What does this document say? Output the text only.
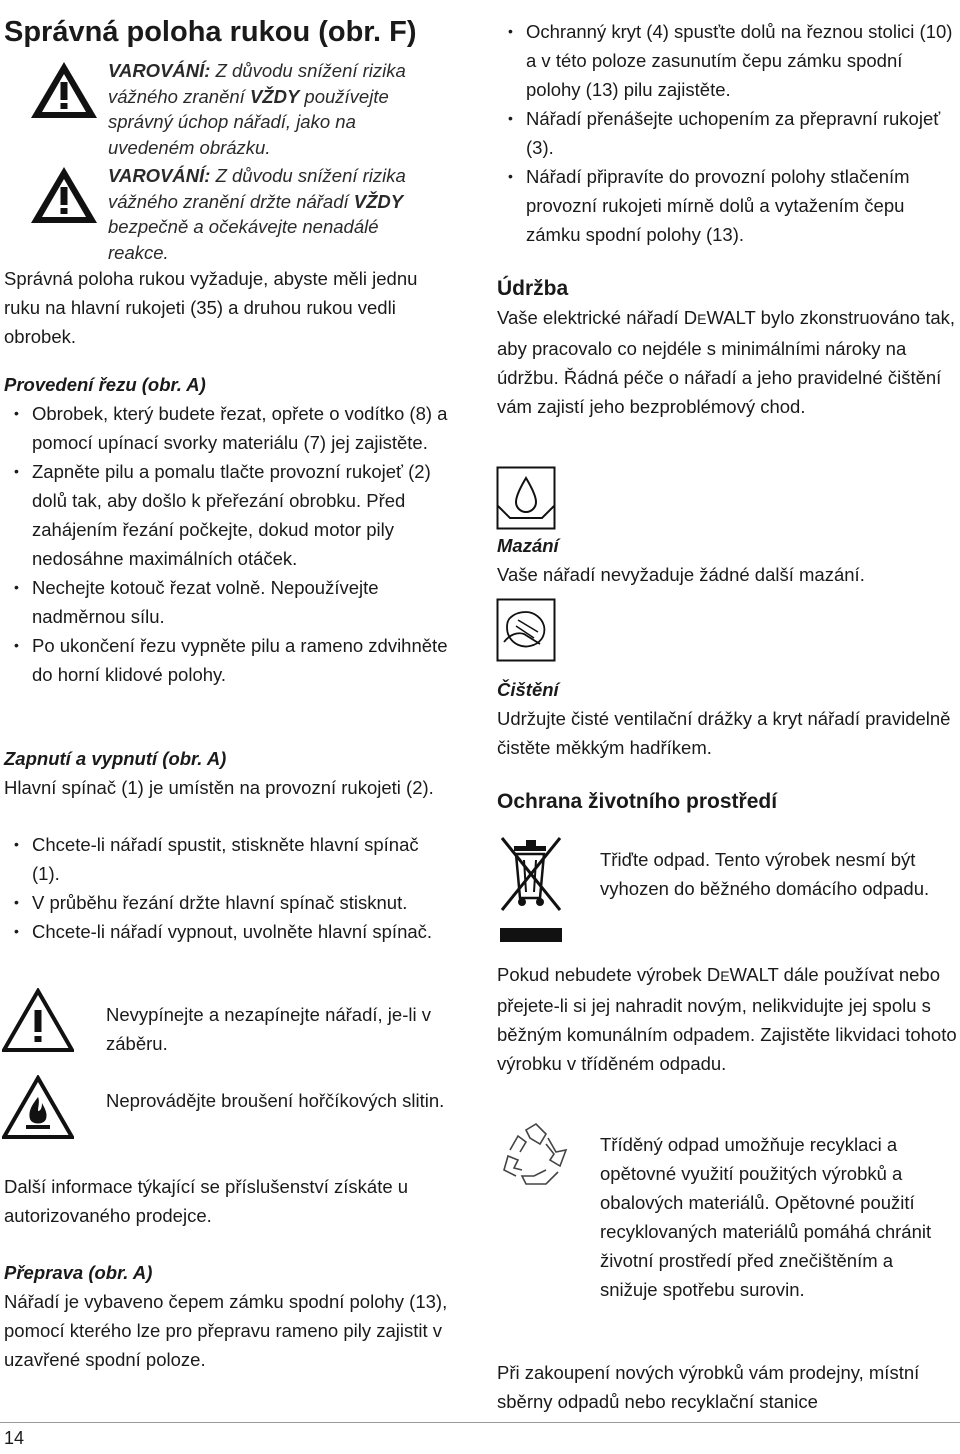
Správná poloha rukou (obr. F)
VAROVÁNÍ: Z důvodu snížení rizika vážného zranění VŽDY používejte správný úchop nářadí, jako na uvedeném obrázku.
VAROVÁNÍ: Z důvodu snížení rizika vážného zranění držte nářadí VŽDY bezpečně a očekávejte nenadálé reakce.

Správná poloha rukou vyžaduje, abyste měli jednu ruku na hlavní rukojeti (35) a druhou rukou vedli obrobek.

Provedení řezu (obr. A)

• Obrobek, který budete řezat, opřete o vodítko (8) a pomocí upínací svorky materiálu (7) jej zajistěte.
• Zapněte pilu a pomalu tlačte provozní rukojeť (2) dolů tak, aby došlo k přeřezání obrobku. Před zahájením řezání počkejte, dokud motor pily nedosáhne maximálních otáček.
• Nechejte kotouč řezat volně. Nepoužívejte nadměrnou sílu.
• Po ukončení řezu vypněte pilu a rameno zdvihněte do horní klidové polohy.

Zapnutí a vypnutí (obr. A)

Hlavní spínač (1) je umístěn na provozní rukojeti (2).

• Chcete-li nářadí spustit, stiskněte hlavní spínač (1).
• V průběhu řezání držte hlavní spínač stisknut.
• Chcete-li nářadí vypnout, uvolněte hlavní spínač.

Nevypínejte a nezapínejte nářadí, je-li v záběru.

Neprovádějte broušení hořčíkových slitin.

Další informace týkající se příslušenství získáte u autorizovaného prodejce.

Přeprava (obr. A)

Nářadí je vybaveno čepem zámku spodní polohy (13), pomocí kterého lze pro přepravu rameno pily zajistit v uzavřené spodní poloze.

• Ochranný kryt (4) spusťte dolů na řeznou stolici (10) a v této poloze zasunutím čepu zámku spodní polohy (13) pilu zajistěte.
• Nářadí přenášejte uchopením za přepravní rukojeť (3).
• Nářadí připravíte do provozní polohy stlačením provozní rukojeti mírně dolů a vytažením čepu zámku spodní polohy (13).

Údržba

Vaše elektrické nářadí DEWALT bylo zkonstruováno tak, aby pracovalo co nejdéle s minimálními nároky na údržbu. Řádná péče o nářadí a jeho pravidelné čištění vám zajistí jeho bezproblémový chod.

Mazání

Vaše nářadí nevyžaduje žádné další mazání.

Čištění

Udržujte čisté ventilační drážky a kryt nářadí pravidelně čistěte měkkým hadříkem.

Ochrana životního prostředí

Třiďte odpad. Tento výrobek nesmí být vyhozen do běžného domácího odpadu.

Pokud nebudete výrobek DEWALT dále používat nebo přejete-li si jej nahradit novým, nelikvidujte jej spolu s běžným komunálním odpadem. Zajistěte likvidaci tohoto výrobku v tříděném odpadu.

Tříděný odpad umožňuje recyklaci a opětovné využití použitých výrobků a obalových materiálů. Opětovné použití recyklovaných materiálů pomáhá chránit životní prostředí před znečištěním a snižuje spotřebu surovin.

Při zakoupení nových výrobků vám prodejny, místní sběrny odpadů nebo recyklační stanice

14
